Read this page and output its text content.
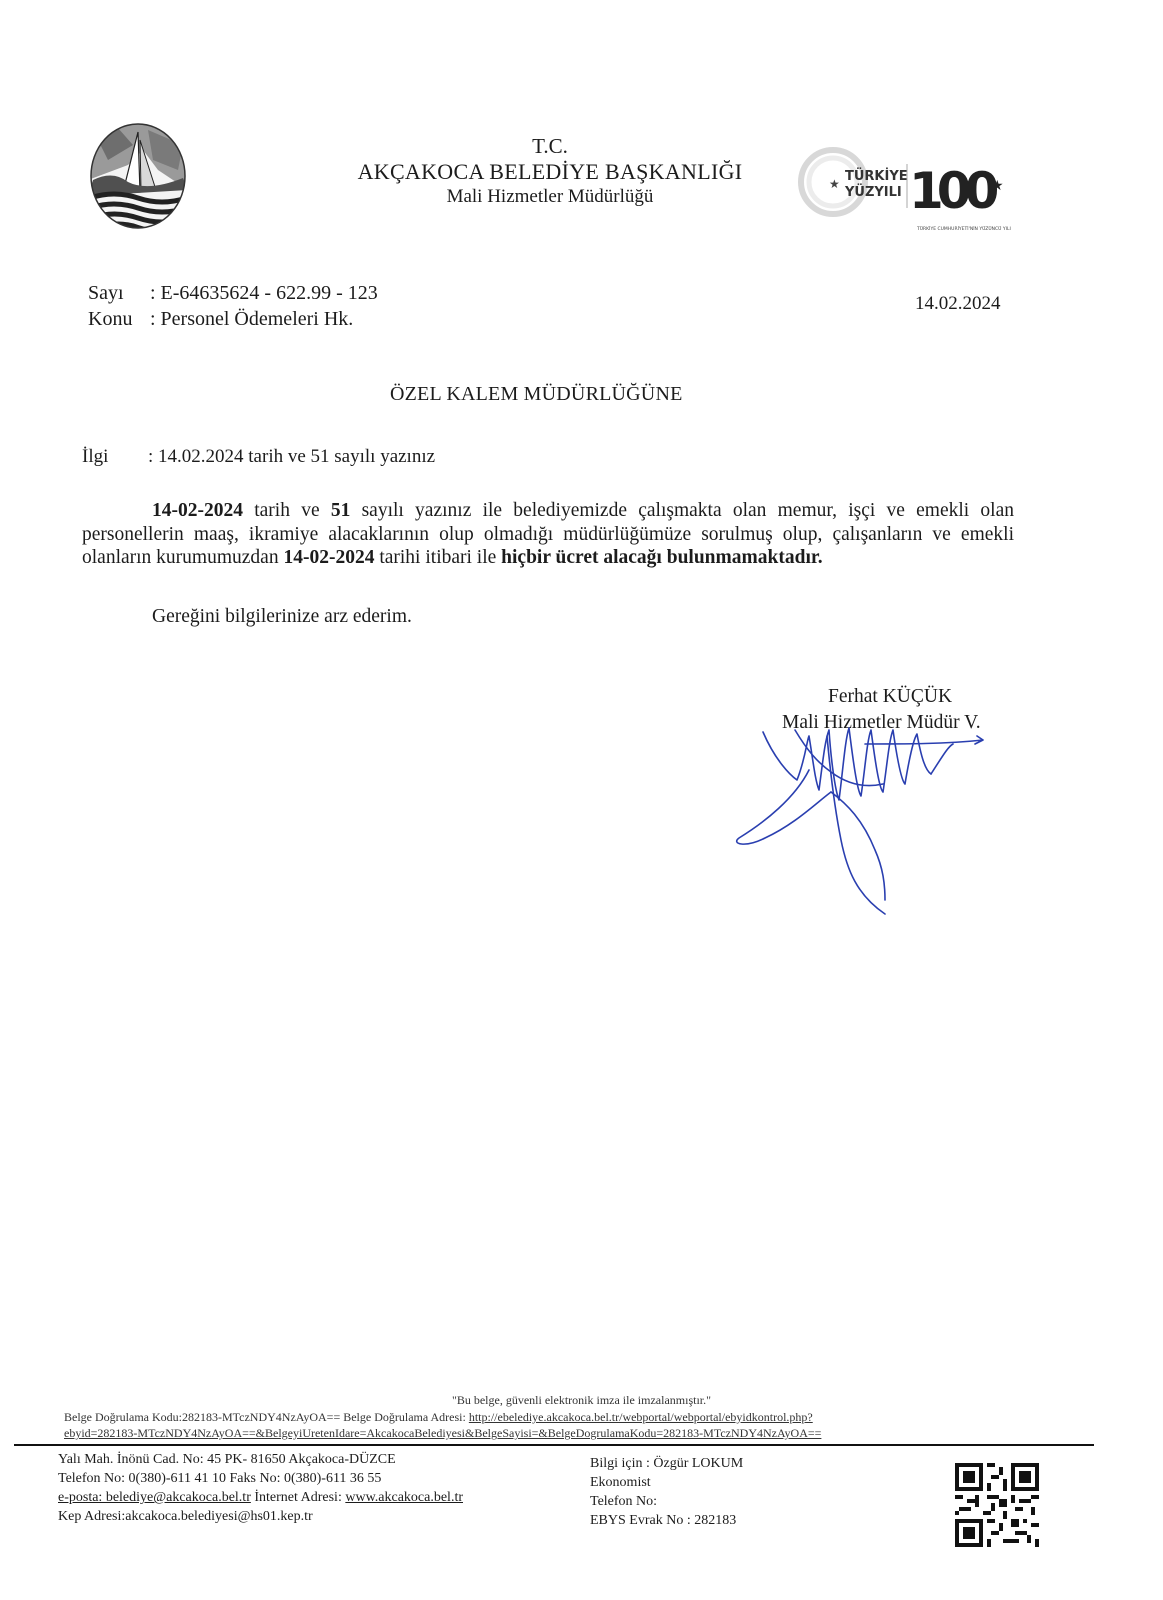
T.C.
AKÇAKOCA BELEDİYE BAŞKANLIĞI
Mali Hizmetler Müdürlüğü
★ TÜRKİYE
YÜZYILI 100
★
TÜRKİYE CUMHURİYETİ'NİN YÜZÜNCÜ YILI
Sayı : E-64635624 - 622.99 - 123
Konu : Personel Ödemeleri Hk.
14.02.2024
ÖZEL KALEM MÜDÜRLÜĞÜNE
İlgi : 14.02.2024 tarih ve 51 sayılı yazınız

14-02-2024 tarih ve 51 sayılı yazınız ile belediyemizde çalışmakta olan memur, işçi ve emekli olan personellerin maaş, ikramiye alacaklarının olup olmadığı müdürlüğümüze sorulmuş olup, çalışanların ve emekli olanların kurumumuzdan 14-02-2024 tarihi itibari ile hiçbir ücret alacağı bulunmamaktadır.

Gereğini bilgilerinize arz ederim.
Ferhat KÜÇÜK
Mali Hizmetler Müdür V.
"Bu belge, güvenli elektronik imza ile imzalanmıştır."
Belge Doğrulama Kodu:282183-MTczNDY4NzAyOA== Belge Doğrulama Adresi: http://ebelediye.akcakoca.bel.tr/webportal/webportal/ebyidkontrol.php?
ebyid=282183-MTczNDY4NzAyOA==&BelgeyiUretenIdare=AkcakocaBelediyesi&BelgeSayisi=&BelgeDogrulamaKodu=282183-MTczNDY4NzAyOA==
Yalı Mah. İnönü Cad. No: 45 PK- 81650 Akçakoca-DÜZCE
Telefon No: 0(380)-611 41 10 Faks No: 0(380)-611 36 55
e-posta: belediye@akcakoca.bel.tr İnternet Adresi: www.akcakoca.bel.tr
Kep Adresi:akcakoca.belediyesi@hs01.kep.tr
Bilgi için : Özgür LOKUM
Ekonomist
Telefon No:
EBYS Evrak No : 282183
